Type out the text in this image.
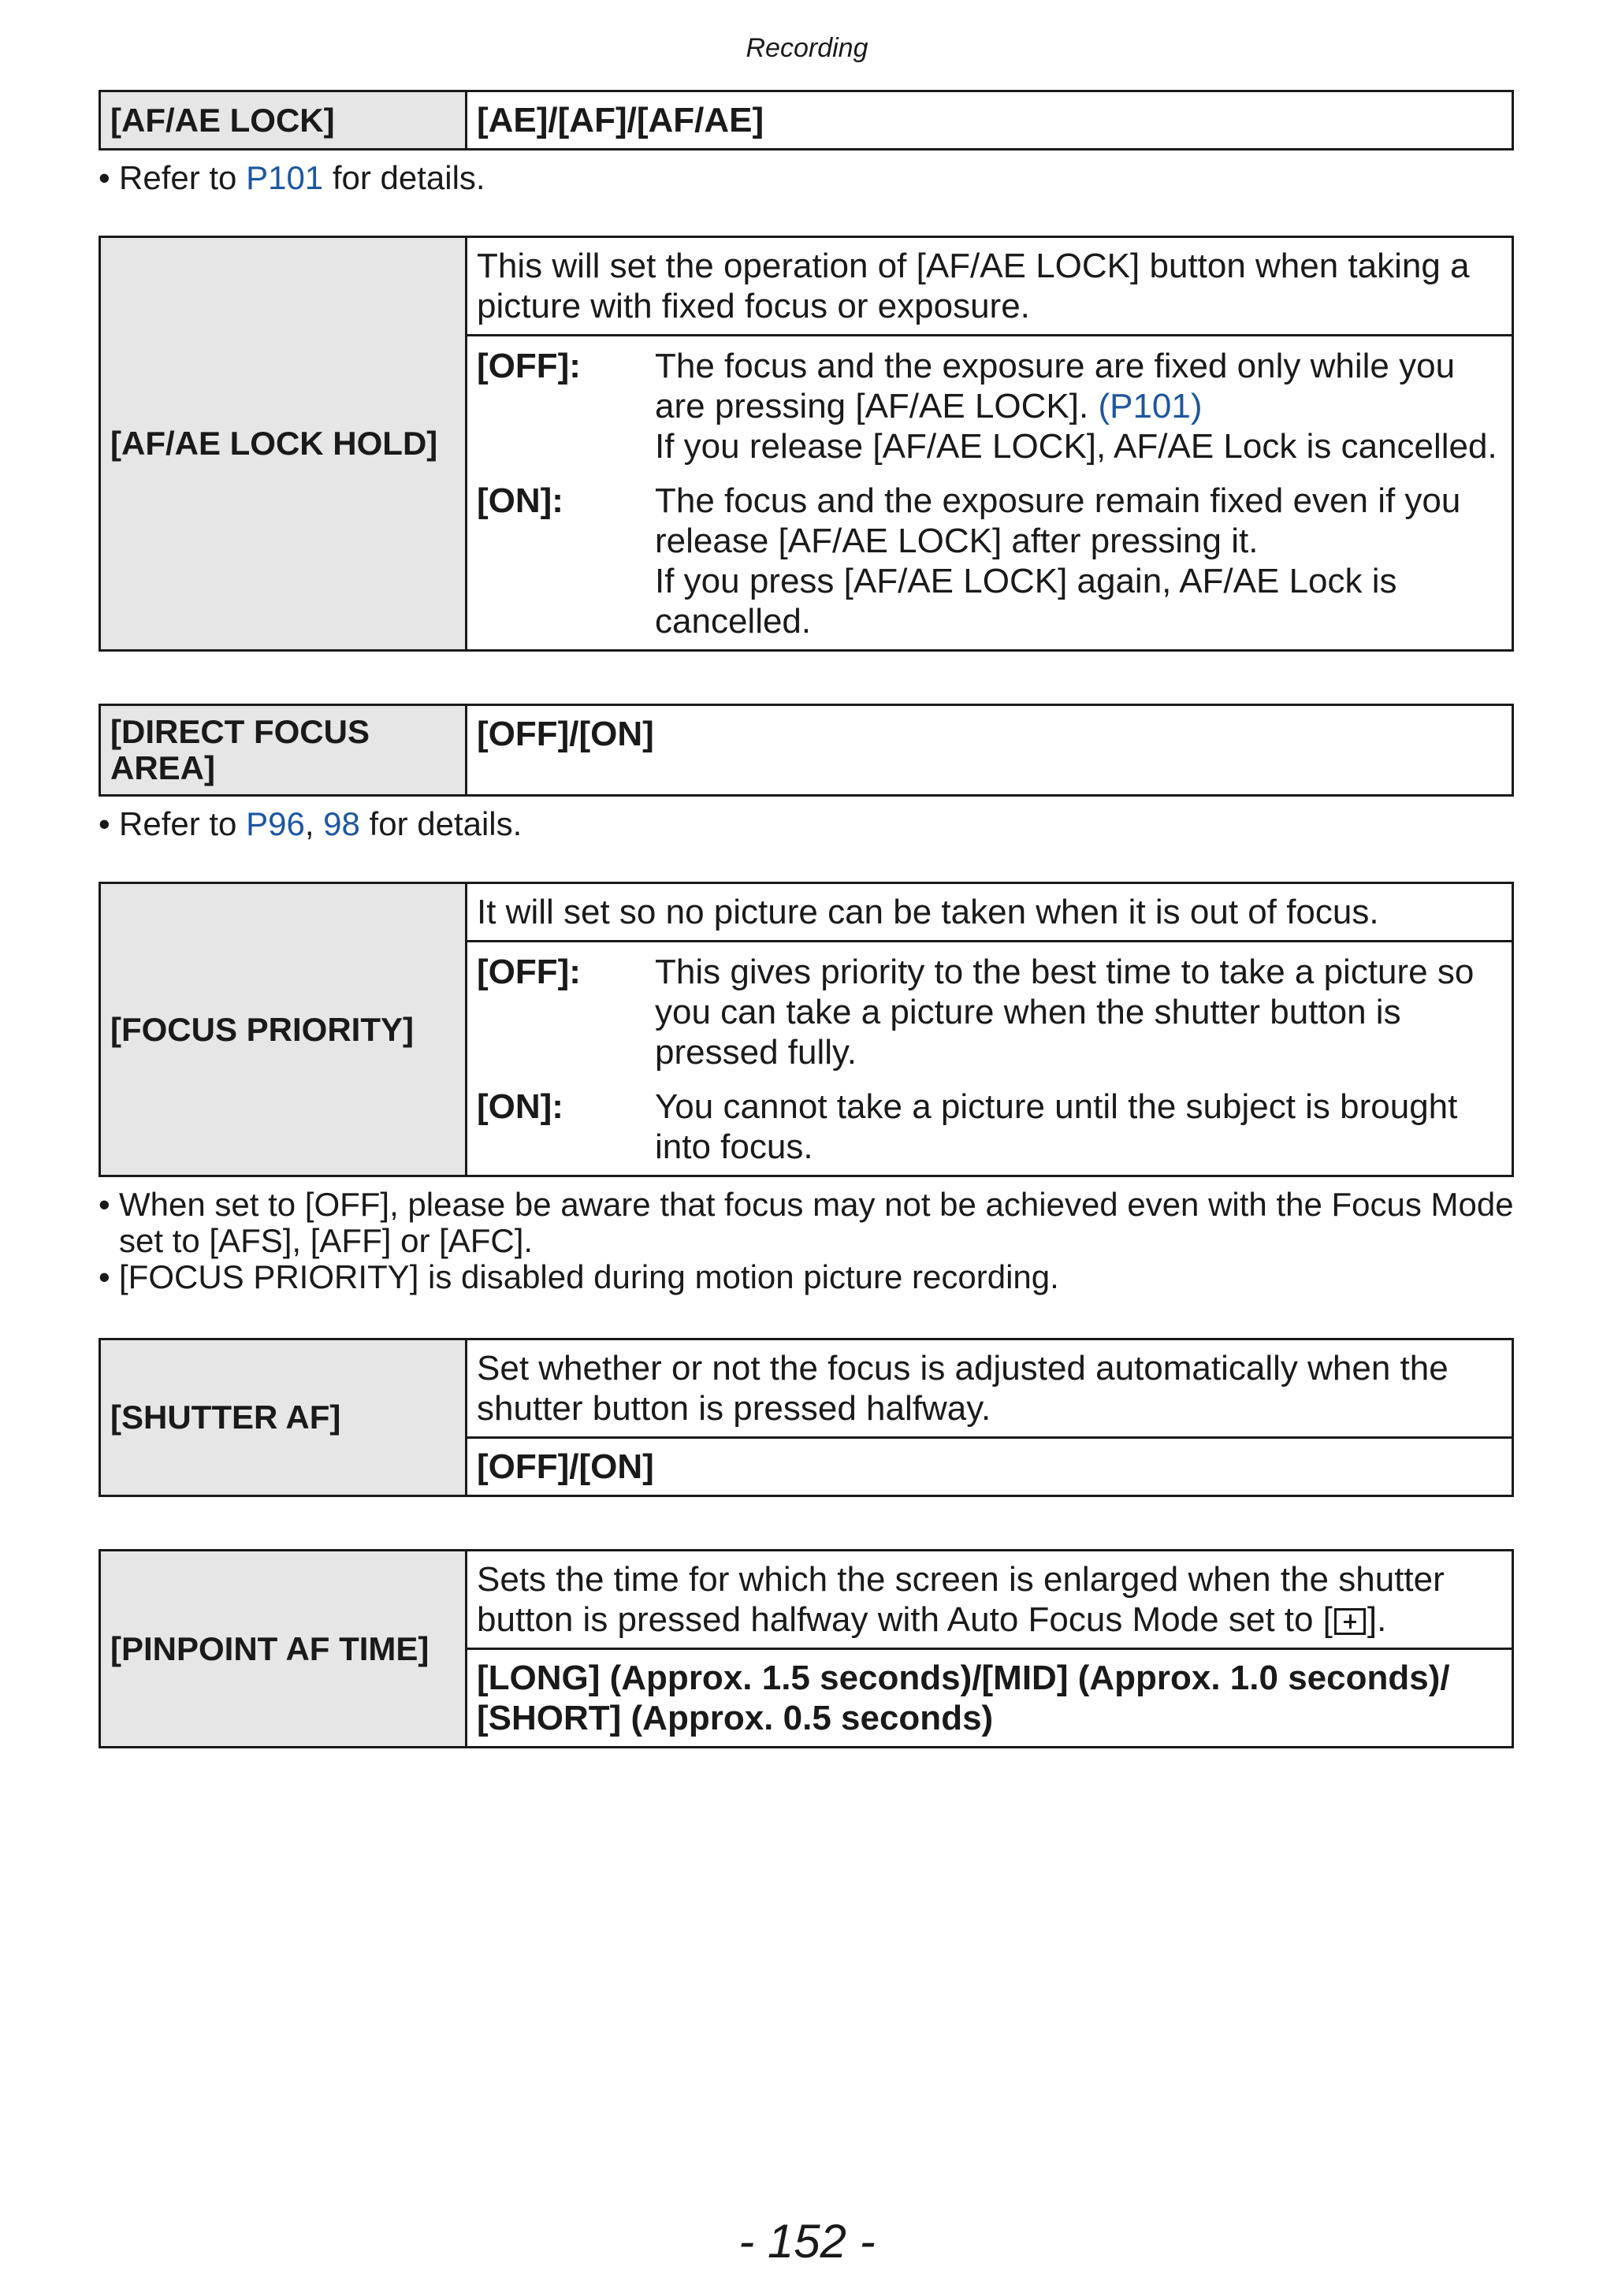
Recording
[AF/AE LOCK]	[AE]/[AF]/[AF/AE]
• Refer to P101 for details.
[AF/AE LOCK HOLD]	This will set the operation of [AF/AE LOCK] button when taking a picture with fixed focus or exposure.

[OFF]:	The focus and the exposure are fixed only while you are pressing [AF/AE LOCK]. (P101)
If you release [AF/AE LOCK], AF/AE Lock is cancelled.
[ON]:	The focus and the exposure remain fixed even if you release [AF/AE LOCK] after pressing it.
If you press [AF/AE LOCK] again, AF/AE Lock is cancelled.
[DIRECT FOCUS AREA]	[OFF]/[ON]
• Refer to P96, 98 for details.
[FOCUS PRIORITY]	It will set so no picture can be taken when it is out of focus.

[OFF]:	This gives priority to the best time to take a picture so you can take a picture when the shutter button is pressed fully.
[ON]:	You cannot take a picture until the subject is brought into focus.
• When set to [OFF], please be aware that focus may not be achieved even with the Focus Mode set to [AFS], [AFF] or [AFC].
• [FOCUS PRIORITY] is disabled during motion picture recording.
[SHUTTER AF]	Set whether or not the focus is adjusted automatically when the shutter button is pressed halfway.
[OFF]/[ON]
[PINPOINT AF TIME]	Sets the time for which the screen is enlarged when the shutter button is pressed halfway with Auto Focus Mode set to [ ].

[LONG] (Approx. 1.5 seconds)/[MID] (Approx. 1.0 seconds)/
[SHORT] (Approx. 0.5 seconds)
- 152 -
